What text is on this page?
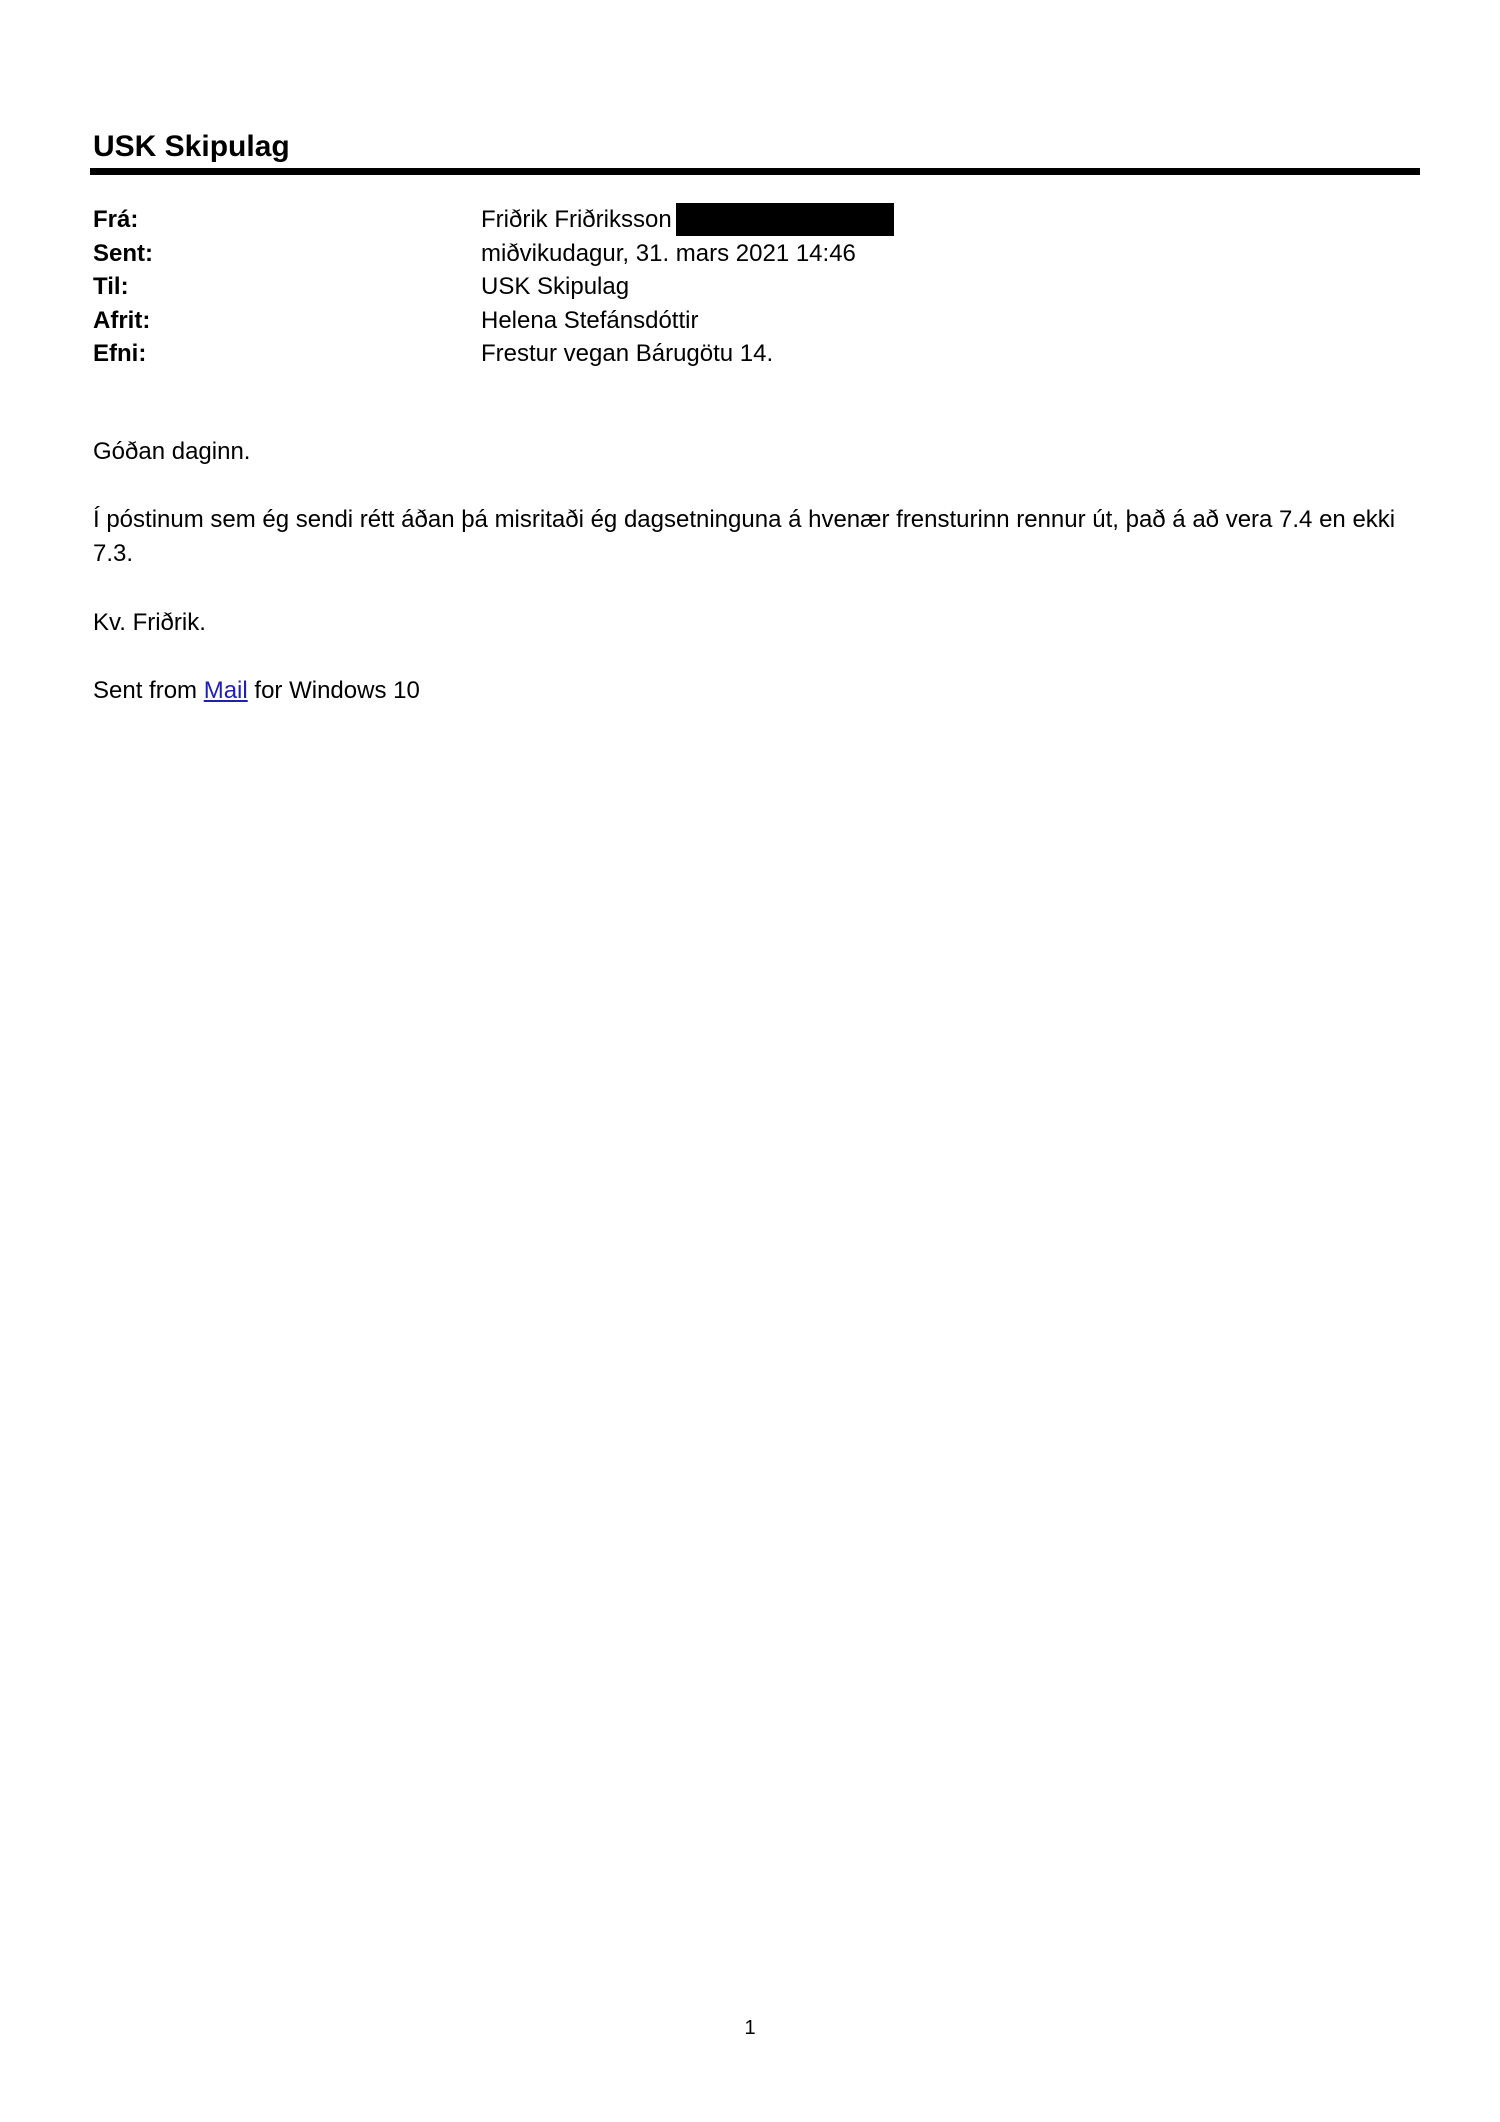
USK Skipulag
Frá:	Friðrik Friðriksson
Sent:	miðvikudagur, 31. mars 2021 14:46
Til:	USK Skipulag
Afrit:	Helena Stefánsdóttir
Efni:	Frestur vegan Bárugötu 14.
Góðan daginn.
Í póstinum sem ég sendi rétt áðan þá misritaði ég dagsetninguna á hvenær frensturinn rennur út, það á að vera 7.4 en ekki 7.3.
Kv. Friðrik.
Sent from Mail for Windows 10
1
